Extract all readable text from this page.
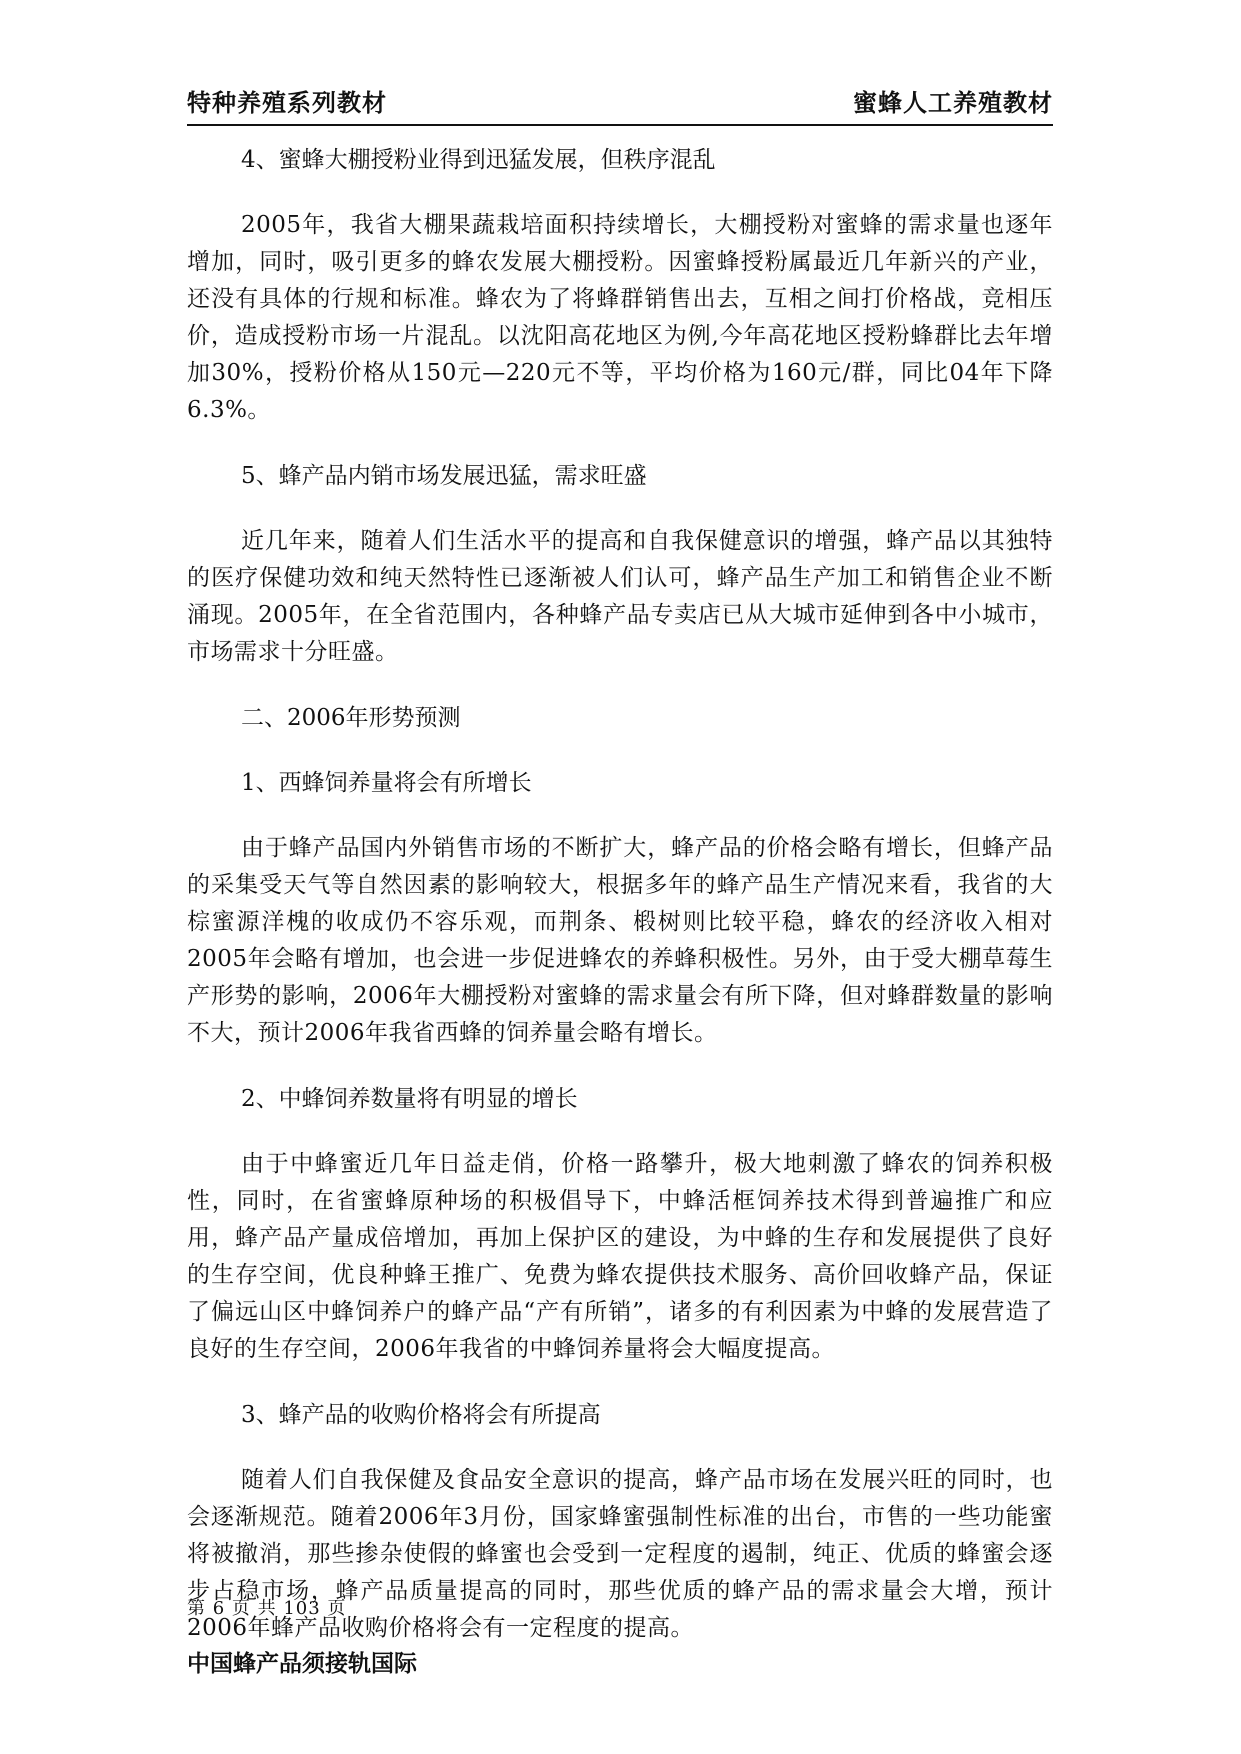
特种养殖系列教材	蜜蜂人工养殖教材

4、蜜蜂大棚授粉业得到迅猛发展，但秩序混乱

2005年，我省大棚果蔬栽培面积持续增长，大棚授粉对蜜蜂的需求量也逐年增加，同时，吸引更多的蜂农发展大棚授粉。因蜜蜂授粉属最近几年新兴的产业，还没有具体的行规和标准。蜂农为了将蜂群销售出去，互相之间打价格战，竞相压价，造成授粉市场一片混乱。以沈阳高花地区为例,今年高花地区授粉蜂群比去年增加30%，授粉价格从150元—220元不等，平均价格为160元/群，同比04年下降6.3%。

5、蜂产品内销市场发展迅猛，需求旺盛

近几年来，随着人们生活水平的提高和自我保健意识的增强，蜂产品以其独特的医疗保健功效和纯天然特性已逐渐被人们认可，蜂产品生产加工和销售企业不断涌现。2005年，在全省范围内，各种蜂产品专卖店已从大城市延伸到各中小城市，市场需求十分旺盛。

二、2006年形势预测

1、西蜂饲养量将会有所增长

由于蜂产品国内外销售市场的不断扩大，蜂产品的价格会略有增长，但蜂产品的采集受天气等自然因素的影响较大，根据多年的蜂产品生产情况来看，我省的大棕蜜源洋槐的收成仍不容乐观，而荆条、椴树则比较平稳，蜂农的经济收入相对2005年会略有增加，也会进一步促进蜂农的养蜂积极性。另外，由于受大棚草莓生产形势的影响，2006年大棚授粉对蜜蜂的需求量会有所下降，但对蜂群数量的影响不大，预计2006年我省西蜂的饲养量会略有增长。

2、中蜂饲养数量将有明显的增长

由于中蜂蜜近几年日益走俏，价格一路攀升，极大地刺激了蜂农的饲养积极性，同时，在省蜜蜂原种场的积极倡导下，中蜂活框饲养技术得到普遍推广和应用，蜂产品产量成倍增加，再加上保护区的建设，为中蜂的生存和发展提供了良好的生存空间，优良种蜂王推广、免费为蜂农提供技术服务、高价回收蜂产品，保证了偏远山区中蜂饲养户的蜂产品“产有所销”，诸多的有利因素为中蜂的发展营造了良好的生存空间，2006年我省的中蜂饲养量将会大幅度提高。

3、蜂产品的收购价格将会有所提高

随着人们自我保健及食品安全意识的提高，蜂产品市场在发展兴旺的同时，也会逐渐规范。随着2006年3月份，国家蜂蜜强制性标准的出台，市售的一些功能蜜将被撤消，那些掺杂使假的蜂蜜也会受到一定程度的遏制，纯正、优质的蜂蜜会逐步占稳市场，蜂产品质量提高的同时，那些优质的蜂产品的需求量会大增，预计2006年蜂产品收购价格将会有一定程度的提高。

中国蜂产品须接轨国际

第 6 页 共 103 页
